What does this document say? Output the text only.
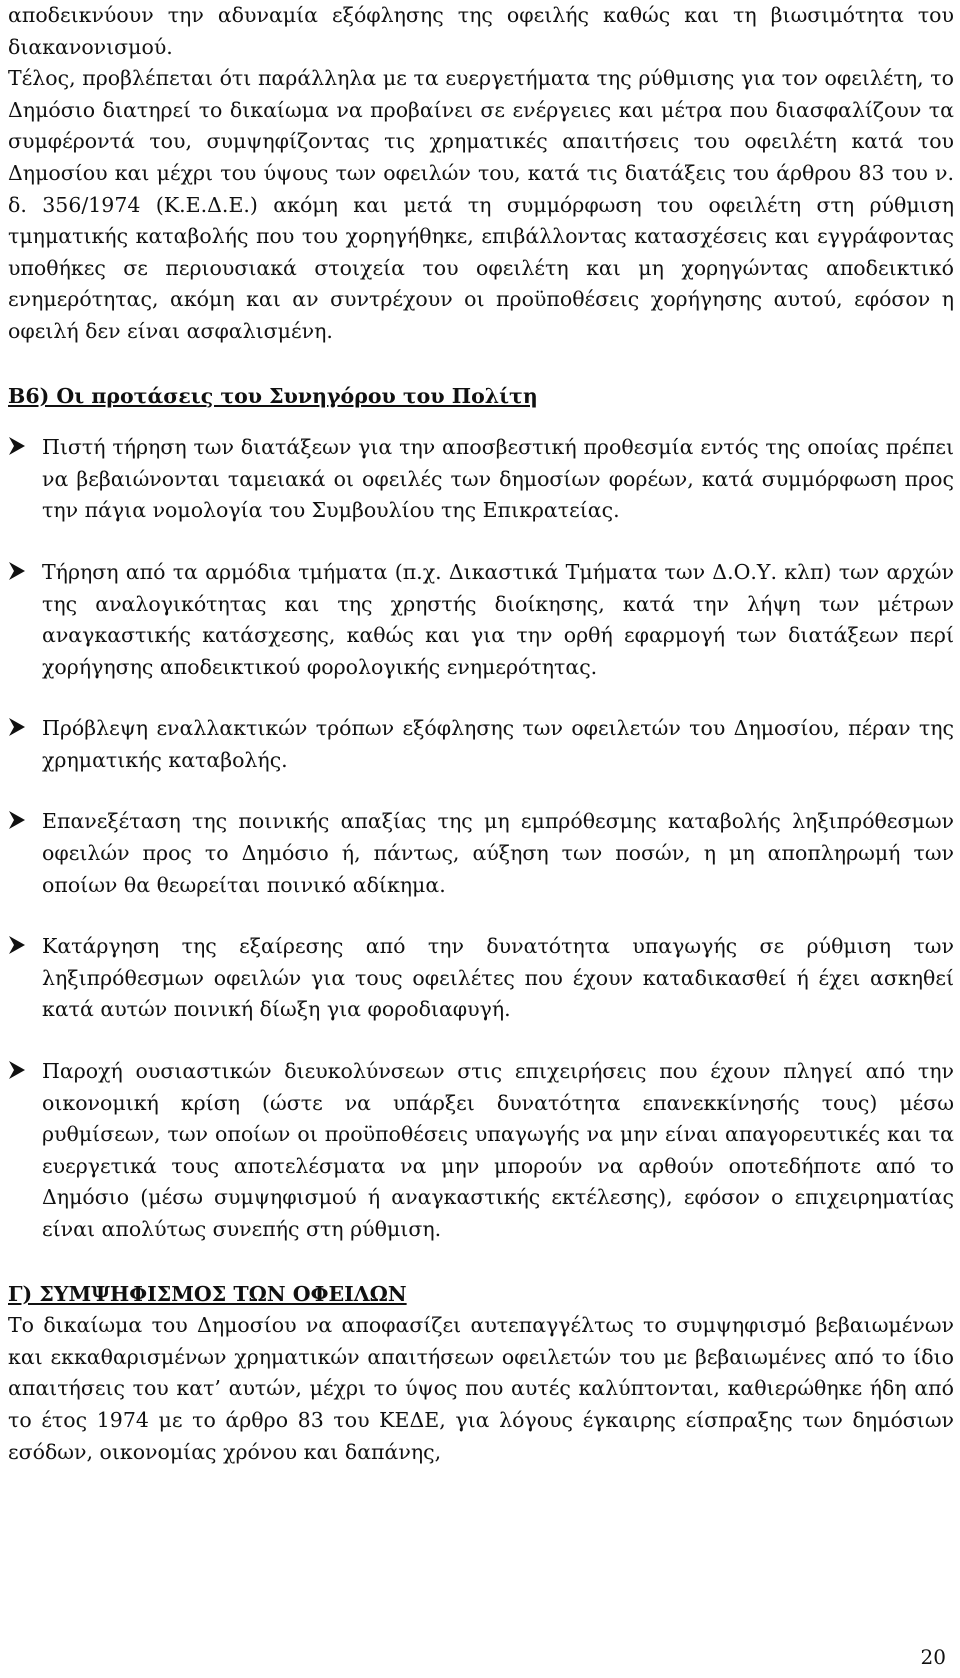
αποδεικνύουν την αδυναμία εξόφλησης της οφειλής καθώς και τη βιωσιμότητα του διακανονισμού.

Τέλος, προβλέπεται ότι παράλληλα με τα ευεργετήματα της ρύθμισης για τον οφειλέτη, το Δημόσιο διατηρεί το δικαίωμα να προβαίνει σε ενέργειες και μέτρα που διασφαλίζουν τα συμφέροντά του, συμψηφίζοντας τις χρηματικές απαιτήσεις του οφειλέτη κατά του Δημοσίου και μέχρι του ύψους των οφειλών του, κατά τις διατάξεις του άρθρου 83 του ν. δ. 356/1974 (Κ.Ε.Δ.Ε.) ακόμη και μετά τη συμμόρφωση του οφειλέτη στη ρύθμιση τμηματικής καταβολής που του χορηγήθηκε, επιβάλλοντας κατασχέσεις και εγγράφοντας υποθήκες σε περιουσιακά στοιχεία του οφειλέτη και μη χορηγώντας αποδεικτικό ενημερότητας, ακόμη και αν συντρέχουν οι προϋποθέσεις χορήγησης αυτού, εφόσον η οφειλή δεν είναι ασφαλισμένη.

Β6) Οι προτάσεις του Συνηγόρου του Πολίτη

Πιστή τήρηση των διατάξεων για την αποσβεστική προθεσμία εντός της οποίας πρέπει να βεβαιώνονται ταμειακά οι οφειλές των δημοσίων φορέων, κατά συμμόρφωση προς την πάγια νομολογία του Συμβουλίου της Επικρατείας.

Τήρηση από τα αρμόδια τμήματα (π.χ. Δικαστικά Τμήματα των Δ.Ο.Υ. κλπ) των αρχών της αναλογικότητας και της χρηστής διοίκησης, κατά την λήψη των μέτρων αναγκαστικής κατάσχεσης, καθώς και για την ορθή εφαρμογή των διατάξεων περί χορήγησης αποδεικτικού φορολογικής ενημερότητας.

Πρόβλεψη εναλλακτικών τρόπων εξόφλησης των οφειλετών του Δημοσίου, πέραν της χρηματικής καταβολής.

Επανεξέταση της ποινικής απαξίας της μη εμπρόθεσμης καταβολής ληξιπρόθεσμων οφειλών προς το Δημόσιο ή, πάντως, αύξηση των ποσών, η μη αποπληρωμή των οποίων θα θεωρείται ποινικό αδίκημα.

Κατάργηση της εξαίρεσης από την δυνατότητα υπαγωγής σε ρύθμιση των ληξιπρόθεσμων οφειλών για τους οφειλέτες που έχουν καταδικασθεί ή έχει ασκηθεί κατά αυτών ποινική δίωξη για φοροδιαφυγή.

Παροχή ουσιαστικών διευκολύνσεων στις επιχειρήσεις που έχουν πληγεί από την οικονομική κρίση (ώστε να υπάρξει δυνατότητα επανεκκίνησής τους) μέσω ρυθμίσεων, των οποίων οι προϋποθέσεις υπαγωγής να μην είναι απαγορευτικές και τα ευεργετικά τους αποτελέσματα να μην μπορούν να αρθούν οποτεδήποτε από το Δημόσιο (μέσω συμψηφισμού ή αναγκαστικής εκτέλεσης), εφόσον ο επιχειρηματίας είναι απολύτως συνεπής στη ρύθμιση.

Γ) ΣΥΜΨΗΦΙΣΜΟΣ ΤΩΝ ΟΦΕΙΛΩΝ

Το δικαίωμα του Δημοσίου να αποφασίζει αυτεπαγγέλτως το συμψηφισμό βεβαιωμένων και εκκαθαρισμένων χρηματικών απαιτήσεων οφειλετών του με βεβαιωμένες από το ίδιο απαιτήσεις του κατ’ αυτών, μέχρι το ύψος που αυτές καλύπτονται, καθιερώθηκε ήδη από το έτος 1974 με το άρθρο 83 του ΚΕΔΕ, για λόγους έγκαιρης είσπραξης των δημόσιων εσόδων, οικονομίας χρόνου και δαπάνης,

20
